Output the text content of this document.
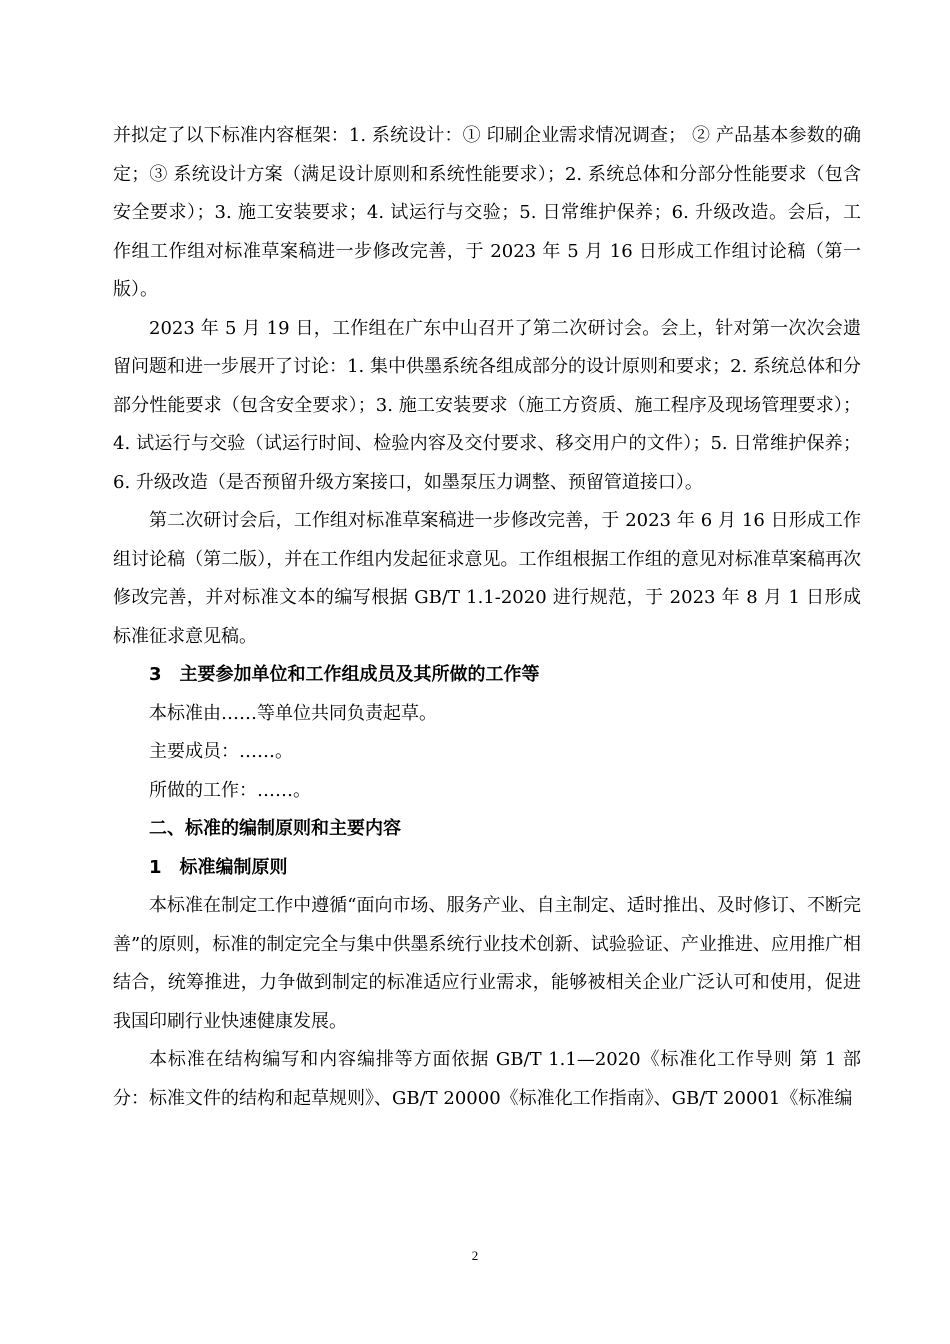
并拟定了以下标准内容框架：1. 系统设计：① 印刷企业需求情况调查； ② 产品基本参数的确定；③ 系统设计方案（满足设计原则和系统性能要求）；2. 系统总体和分部分性能要求（包含安全要求）；3. 施工安装要求；4. 试运行与交验；5. 日常维护保养；6. 升级改造。会后，工作组工作组对标准草案稿进一步修改完善，于 2023 年 5 月 16 日形成工作组讨论稿（第一版）。

2023 年 5 月 19 日，工作组在广东中山召开了第二次研讨会。会上，针对第一次次会遗留问题和进一步展开了讨论：1. 集中供墨系统各组成部分的设计原则和要求；2. 系统总体和分部分性能要求（包含安全要求）；3. 施工安装要求（施工方资质、施工程序及现场管理要求）；4. 试运行与交验（试运行时间、检验内容及交付要求、移交用户的文件）；5. 日常维护保养；6. 升级改造（是否预留升级方案接口，如墨泵压力调整、预留管道接口）。

第二次研讨会后，工作组对标准草案稿进一步修改完善，于 2023 年 6 月 16 日形成工作组讨论稿（第二版），并在工作组内发起征求意见。工作组根据工作组的意见对标准草案稿再次修改完善，并对标准文本的编写根据 GB/T 1.1-2020 进行规范，于 2023 年 8 月 1 日形成标准征求意见稿。

3　主要参加单位和工作组成员及其所做的工作等

本标准由……等单位共同负责起草。

主要成员：……。

所做的工作：……。

二、标准的编制原则和主要内容

1　标准编制原则

本标准在制定工作中遵循“面向市场、服务产业、自主制定、适时推出、及时修订、不断完善”的原则，标准的制定完全与集中供墨系统行业技术创新、试验验证、产业推进、应用推广相结合，统筹推进，力争做到制定的标准适应行业需求，能够被相关企业广泛认可和使用，促进我国印刷行业快速健康发展。

本标准在结构编写和内容编排等方面依据 GB/T 1.1—2020《标准化工作导则 第 1 部分：标准文件的结构和起草规则》、GB/T 20000《标准化工作指南》、GB/T 20001《标准编

2
